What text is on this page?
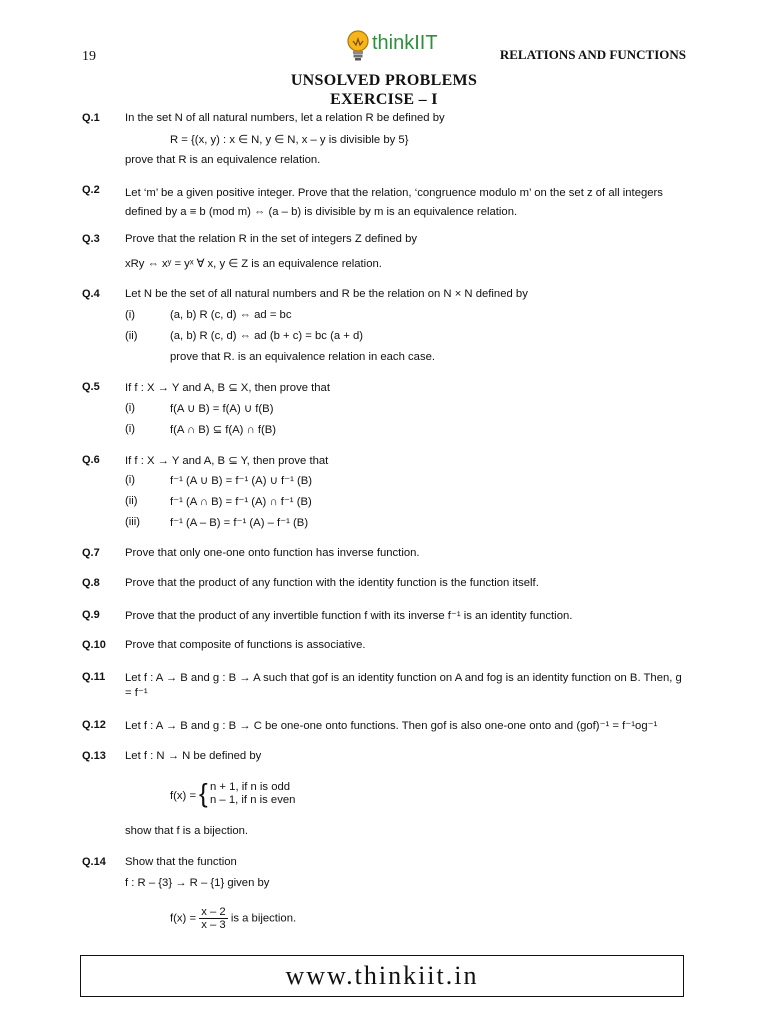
19
thinkIIT
RELATIONS AND FUNCTIONS
UNSOLVED PROBLEMS
EXERCISE – I
Q.1 In the set N of all natural numbers, let a relation R be defined by
R = {(x, y) : x ∈ N, y ∈ N, x – y is divisible by 5}
prove that R is an equivalence relation.
Q.2 Let ‘m’ be a given positive integer. Prove that the relation, ‘congruence modulo m’ on the set z of all integers defined by a ≡ b (mod m) ⇔ (a – b) is divisible by m is an equivalence relation.
Q.3 Prove that the relation R in the set of integers Z defined by
xRy ⇔ xʸ = yˣ ∀ x, y ∈ Z is an equivalence relation.
Q.4 Let N be the set of all natural numbers and R be the relation on N × N defined by
(i)	(a, b) R (c, d) ⇔ ad = bc
(ii)	(a, b) R (c, d) ⇔ ad (b + c) = bc (a + d)
prove that R. is an equivalence relation in each case.
Q.5 If f : X → Y and A, B ⊆ X, then prove that
(i)	f(A ∪ B) = f(A) ∪ f(B)
(i)	f(A ∩ B) ⊆ f(A) ∩ f(B)
Q.6 If f : X → Y and A, B ⊆ Y, then prove that
(i)	f⁻¹ (A ∪ B) = f⁻¹ (A) ∪ f⁻¹ (B)
(ii)	f⁻¹ (A ∩ B) = f⁻¹ (A) ∩ f⁻¹ (B)
(iii)	f⁻¹ (A – B) = f⁻¹ (A) – f⁻¹ (B)
Q.7 Prove that only one-one onto function has inverse function.
Q.8 Prove that the product of any function with the identity function is the function itself.
Q.9 Prove that the product of any invertible function f with its inverse f⁻¹ is an identity function.
Q.10 Prove that composite of functions is associative.
Q.11 Let f : A → B and g : B → A such that gof is an identity function on A and fog is an identity function on B. Then, g = f⁻¹
Q.12 Let f : A → B and g : B → C be one-one onto functions. Then gof is also one-one onto and (gof)⁻¹ = f⁻¹og⁻¹
Q.13 Let f : N → N be defined by
f(x) = { n + 1, if n is odd
n – 1, if n is even
show that f is a bijection.
Q.14 Show that the function
f : R – {3} → R – {1} given by
$f(x) = \frac{x - 2}{x - 3}$ is a bijection.
www.thinkiit.in
